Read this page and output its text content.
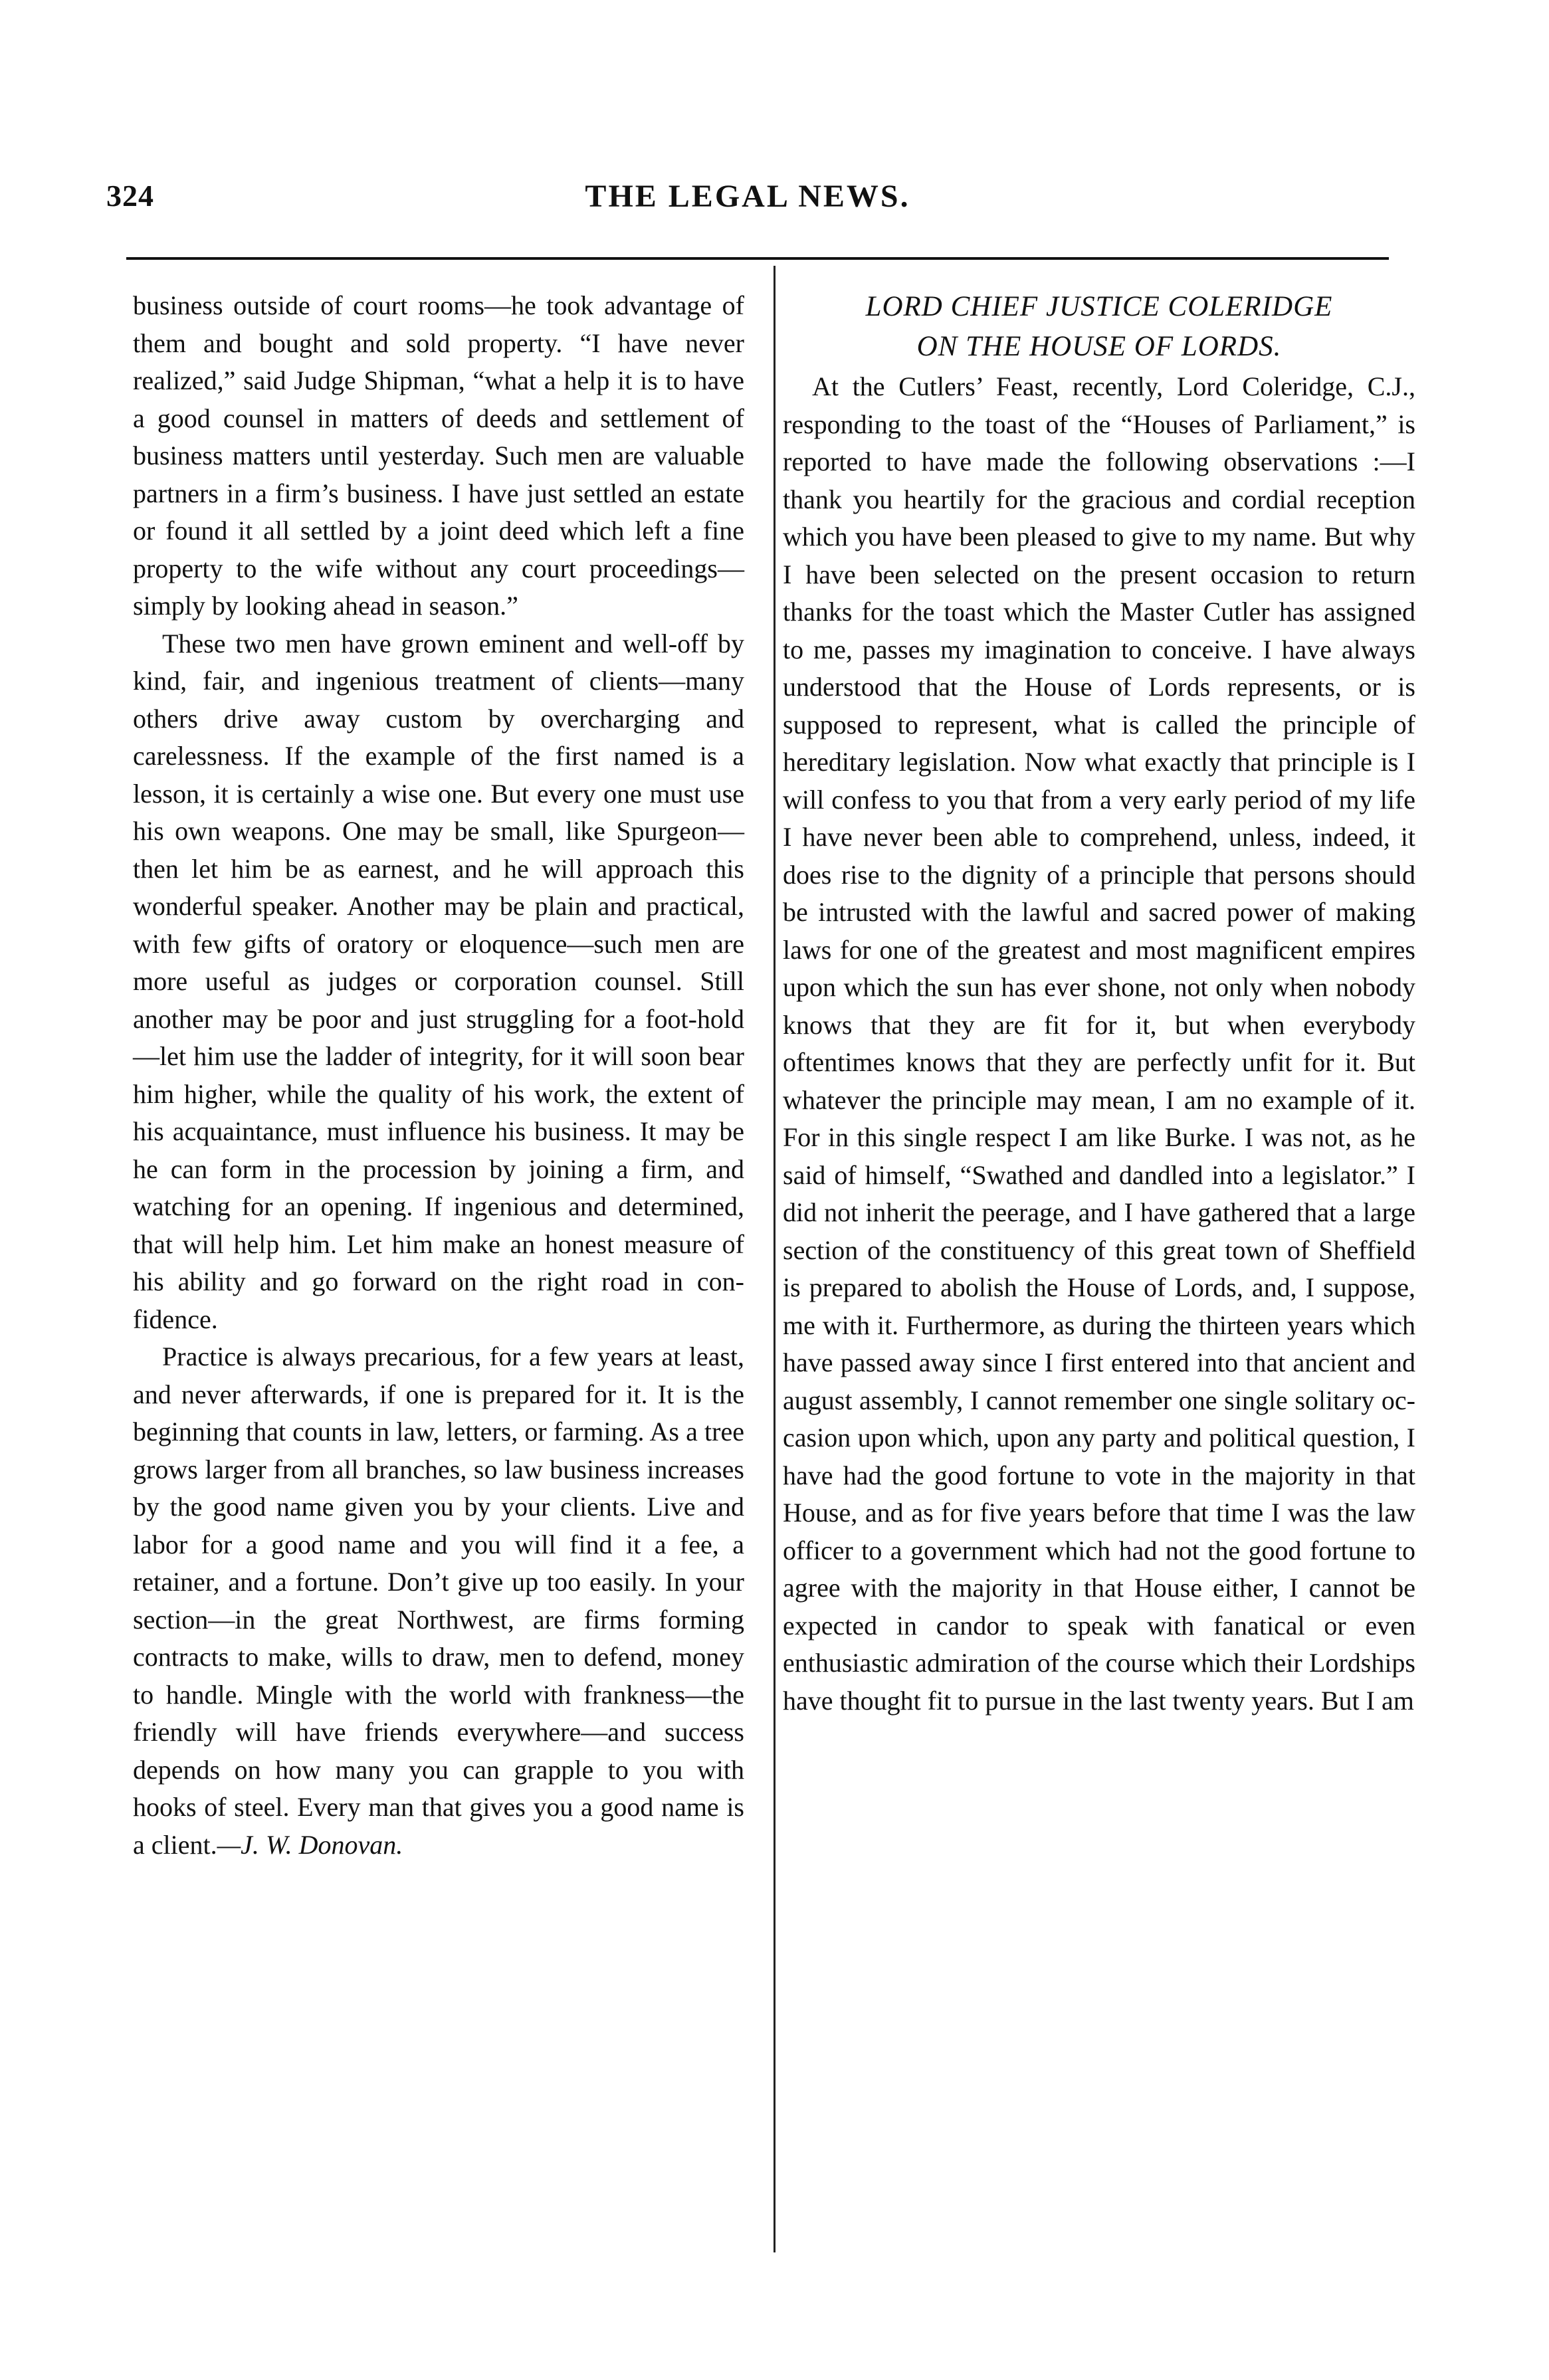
324	THE LEGAL NEWS.

business outside of court rooms—he took advantage of them and bought and sold property. “I have never realized,” said Judge Shipman, “what a help it is to have a good counsel in matters of deeds and settlement of business matters until yesterday. Such men are valuable partners in a firm’s business. I have just settled an estate or found it all settled by a joint deed which left a fine property to the wife without any court proceedings—simply by looking ahead in season.”

These two men have grown eminent and well-off by kind, fair, and ingenious treatment of clients—many others drive away custom by overcharging and carelessness. If the example of the first named is a lesson, it is certainly a wise one. But every one must use his own weapons. One may be small, like Spurgeon—then let him be as earnest, and he will approach this wonderful speaker. Another may be plain and practical, with few gifts of oratory or eloquence—such men are more useful as judges or corporation counsel. Still another may be poor and just struggling for a foot-hold—let him use the ladder of integrity, for it will soon bear him higher, while the quality of his work, the extent of his acquaintance, must influence his business. It may be he can form in the procession by joining a firm, and watching for an opening. If ingenious and determined, that will help him. Let him make an honest measure of his ability and go forward on the right road in confidence.

Practice is always precarious, for a few years at least, and never afterwards, if one is prepared for it. It is the beginning that counts in law, letters, or farming. As a tree grows larger from all branches, so law business increases by the good name given you by your clients. Live and labor for a good name and you will find it a fee, a retainer, and a fortune. Don’t give up too easily. In your section—in the great Northwest, are firms forming contracts to make, wills to draw, men to defend, money to handle. Mingle with the world with frankness—the friendly will have friends everywhere—and success depends on how many you can grapple to you with hooks of steel. Every man that gives you a good name is a client.—J. W. Donovan.

LORD CHIEF JUSTICE COLERIDGE
ON THE HOUSE OF LORDS.

At the Cutlers’ Feast, recently, Lord Coleridge, C.J., responding to the toast of the “Houses of Parliament,” is reported to have made the following observations :—I thank you heartily for the gracious and cordial reception which you have been pleased to give to my name. But why I have been selected on the present occasion to return thanks for the toast which the Master Cutler has assigned to me, passes my imagination to conceive. I have always understood that the House of Lords represents, or is supposed to represent, what is called the principle of hereditary legislation. Now what exactly that principle is I will confess to you that from a very early period of my life I have never been able to comprehend, unless, indeed, it does rise to the dignity of a principle that persons should be intrusted with the lawful and sacred power of making laws for one of the greatest and most magnificent empires upon which the sun has ever shone, not only when nobody knows that they are fit for it, but when everybody oftentimes knows that they are perfectly unfit for it. But whatever the principle may mean, I am no example of it. For in this single respect I am like Burke. I was not, as he said of himself, “Swathed and dandled into a legislator.” I did not inherit the peerage, and I have gathered that a large section of the constituency of this great town of Sheffield is prepared to abolish the House of Lords, and, I suppose, me with it. Furthermore, as during the thirteen years which have passed away since I first entered into that ancient and august assembly, I cannot remember one single solitary occasion upon which, upon any party and political question, I have had the good fortune to vote in the majority in that House, and as for five years before that time I was the law officer to a government which had not the good fortune to agree with the majority in that House either, I cannot be expected in candor to speak with fanatical or even enthusiastic admiration of the course which their Lordships have thought fit to pursue in the last twenty years. But I am
